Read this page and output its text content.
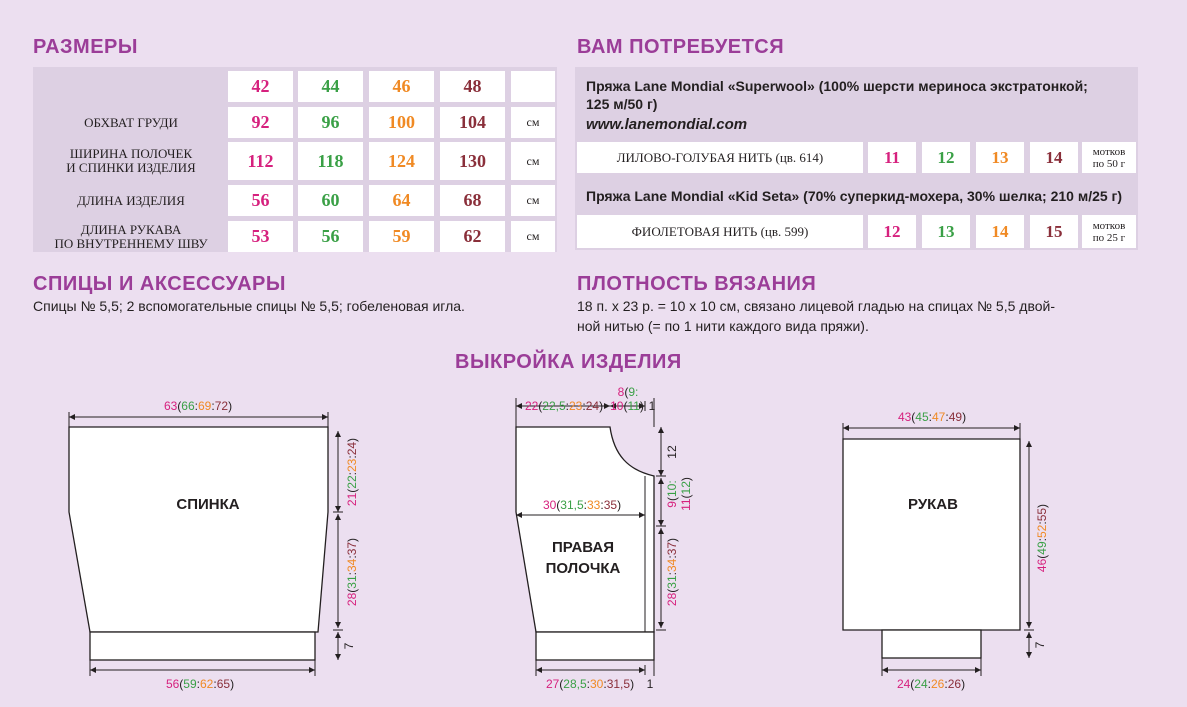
РАЗМЕРЫ	ВАМ ПОТРЕБУЕТСЯ
СПИЦЫ И АКСЕССУАРЫ	ПЛОТНОСТЬ ВЯЗАНИЯ
ВЫКРОЙКА ИЗДЕЛИЯ
42	44	46	48
ОБХВАТ ГРУДИ	92	96	100	104	см
ШИРИНА ПОЛОЧЕК
И СПИНКИ ИЗДЕЛИЯ	112	118	124	130	см
ДЛИНА ИЗДЕЛИЯ	56	60	64	68	см
ДЛИНА РУКАВА
ПО ВНУТРЕННЕМУ ШВУ	53	56	59	62	см
Пряжа Lane Mondial «Superwool» (100% шерсти мериноса экстратонкой;
125 м/50 г)
www.lanemondial.com
Пряжа Lane Mondial «Kid Seta» (70% суперкид-мохера, 30% шелка; 210 м/25 г)
ЛИЛОВО-ГОЛУБАЯ НИТЬ (цв. 614)	11	12	13	14	мотков
по 50 г
ФИОЛЕТОВАЯ НИТЬ (цв. 599)	12	13	14	15	мотков
по 25 г
Спицы № 5,5; 2 вспомогательные спицы № 5,5; гобеленовая игла.	18 п. х 23 р. = 10 х 10 см, связано лицевой гладью на спицах № 5,5 двой-
ной нитью (= по 1 нити каждого вида пряжи).
63(66:69:72)
21(22:23:24)
28(31:34:37)
7
56(59:62:65)
СПИНКА
22(22,5:23:24)
8(9:
10(11) 1
12
9(10:
11(12)
30(31,5:33:35)
28(31:34:37)
27(28,5:30:31,5) 1
ПРАВАЯ
ПОЛОЧКА
43(45:47:49)
46(49:52:55)
7
24(24:26:26)
РУКАВ
